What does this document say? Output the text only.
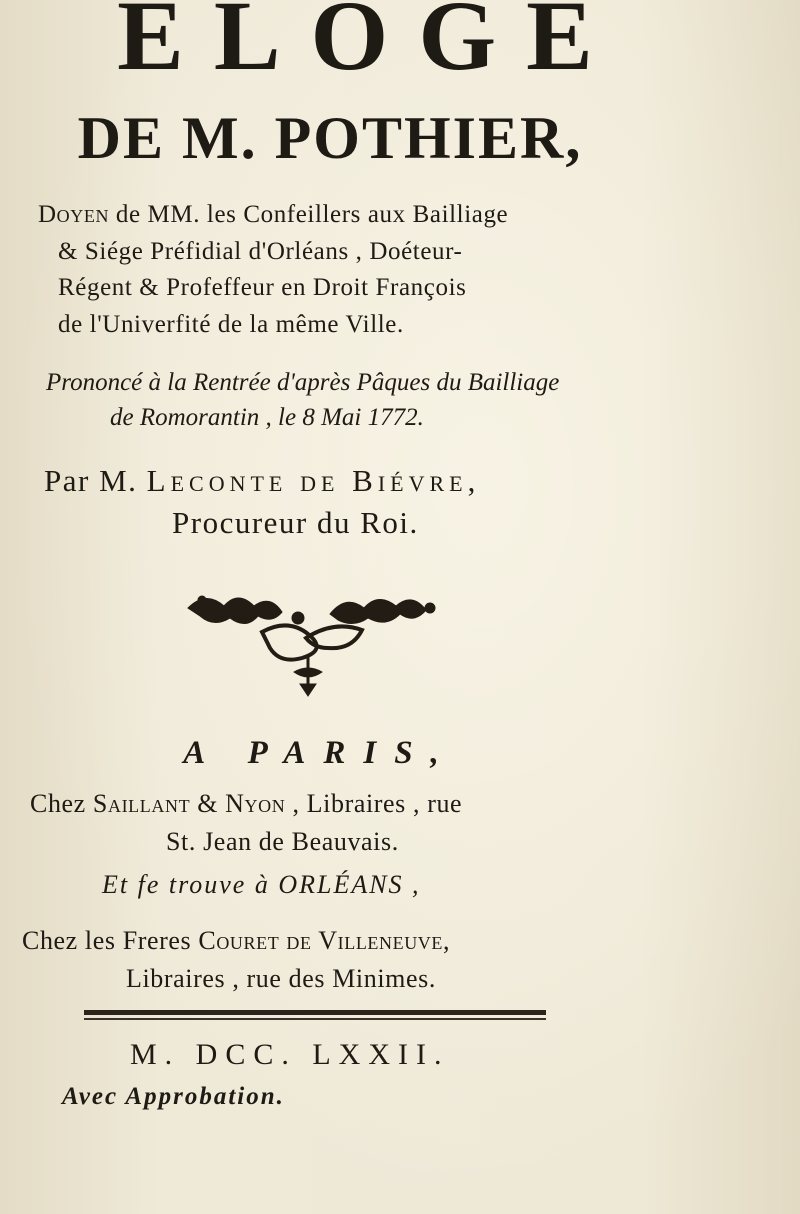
ELOGE
DE M. POTHIER,
Doyen de MM. les Confeillers aux Bailliage
& Siége Préfidial d'Orléans , Doéteur-
Régent & Profeffeur en Droit François
de l'Univerfité de la même Ville.
Prononcé à la Rentrée d'après Pâques du Bailliage
de Romorantin , le 8 Mai 1772.
Par M. Leconte de Biévre,
Procureur du Roi.
A PARIS,
Chez Saillant & Nyon , Libraires , rue
St. Jean de Beauvais.
Et fe trouve à ORLÉANS ,
Chez les Freres Couret de Villeneuve,
Libraires , rue des Minimes.
M. DCC. LXXII.
Avec Approbation.
